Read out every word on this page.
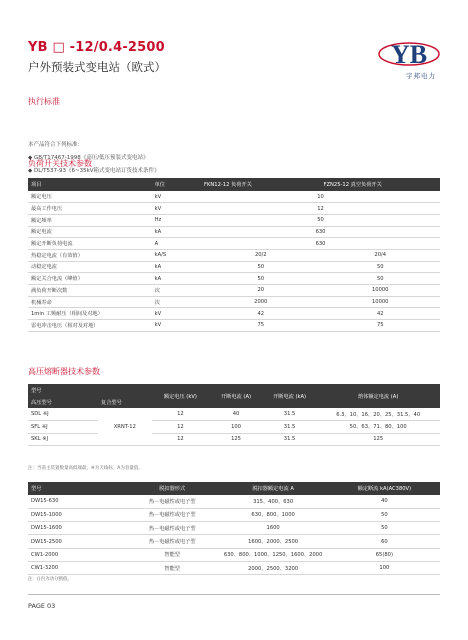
YB □ -12/0.4-2500
户外预装式变电站（欧式）	YB
宇邦电力
执行标准
本产品符合下列标准：
◆ GB/T17467-1998《高压/低压预装式变电站》
◆ DL/T537-93《6~35kV箱式变电站订货技术条件》
负荷开关技术参数
项目	单位	FKN12-12 负荷开关	FZN25-12 真空负荷开关
额定电压	kV	10	
最高工作电压	kV	12	
额定频率	Hz	50	
额定电流	kA	630	
额定开断负荷电流	A	630	
热稳定电流（有效值）	kA/S	20/2	20/4
动稳定电流	kA	50	50
额定关合电流（峰值）	kA	50	50
满负荷开断次数	次	20	10000
机械寿命	次	2000	10000
1min 工频耐压（相间及对地）	kV	42	42
雷电冲击电压（相对及对地）	kV	75	75
高压熔断器技术参数
型号		额定电压 (kV)	开断电流 (A)	开断电流 (kA)	熔体额定电流 (A)
高压型号	复合型号				
SDL ※J	XRNT-12	12	40	31.5	6.3、10、16、20、25、31.5、40
SFL ※J		12	100	31.5	50、63、71、80、100
SKL ※J		12	125	31.5	125
注：当前主装置数量高低端最，※为天线标，A为容量值。
型号	脱扣器形式	脱扣器额定电流 A	额定断流 kA(AC380V)
DW15-630	热－电磁性或电子型	315、400、630	40
DW15-1000	热－电磁性或电子型	630、800、1000	50
DW15-1600	热－电磁性或电子型	1600	50
DW15-2500	热－电磁性或电子型	1600、2000、2500	60
CW1-2000	智能型	630、800、1000、1250、1600、2000	65(80)
CW1-3200	智能型	2000、2500、3200	100
注：()内为动分断值。
PAGE 03
